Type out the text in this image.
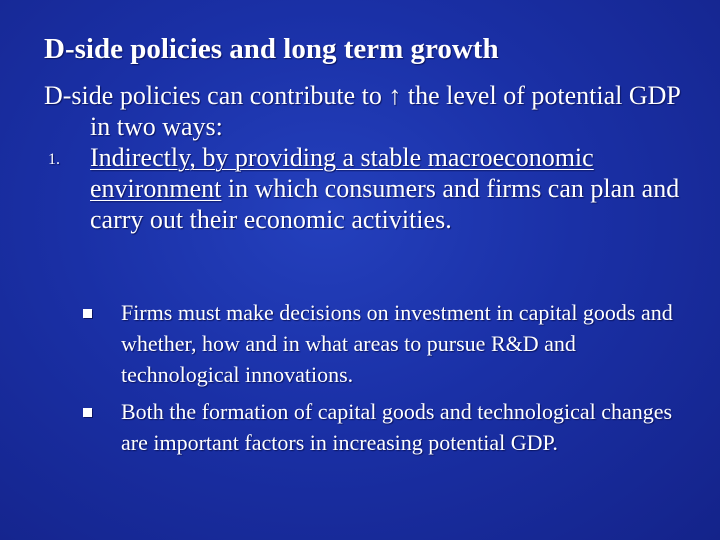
D-side policies and long term growth

D-side policies can contribute to ↑ the level of potential GDP in two ways:

1. Indirectly, by providing a stable macroeconomic environment in which consumers and firms can plan and carry out their economic activities.

Firms must make decisions on investment in capital goods and whether, how and in what areas to pursue R&D and technological innovations.
Both the formation of capital goods and technological changes are important factors in increasing potential GDP.
